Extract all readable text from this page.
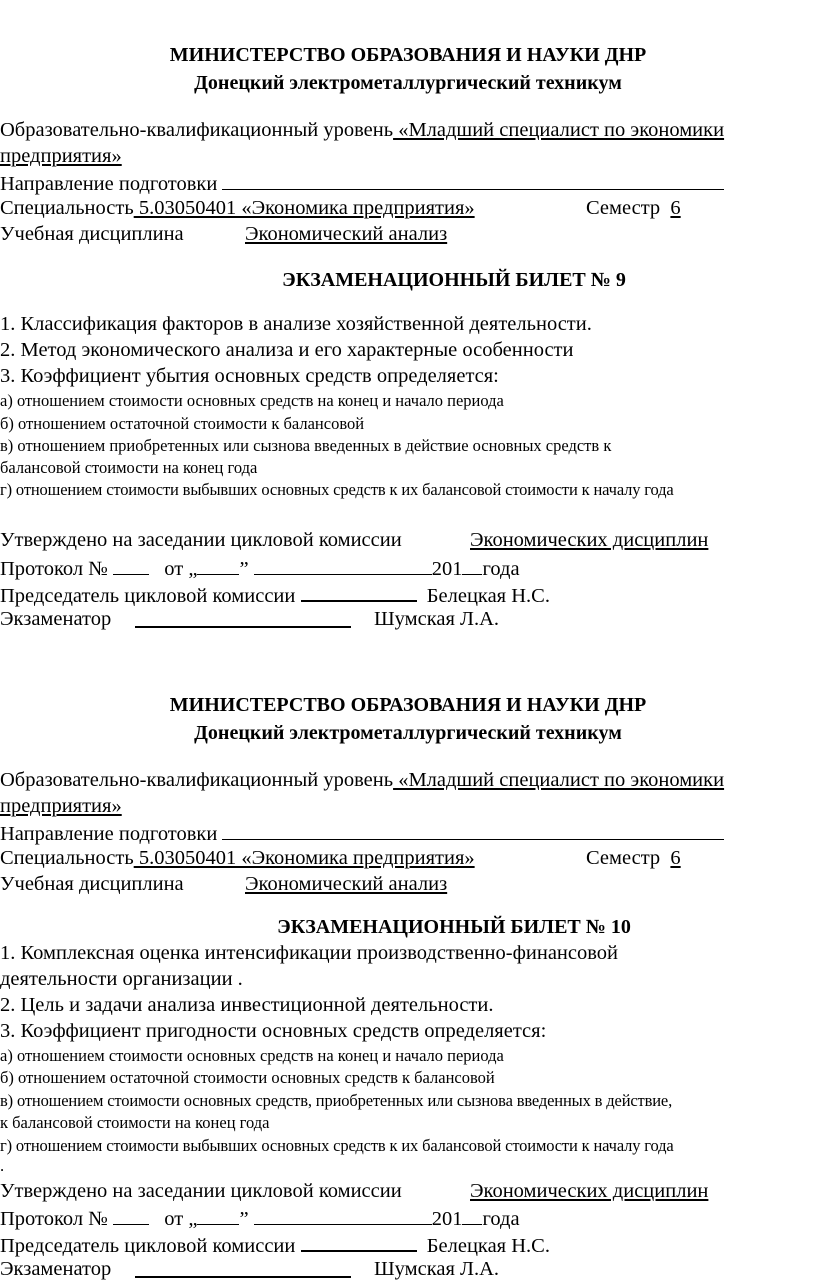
МИНИСТЕРСТВО ОБРАЗОВАНИЯ И НАУКИ ДНР
Донецкий электрометаллургический техникум
Образовательно-квалификационный уровень «Младший специалист по экономики
предприятия»
Направление подготовки
Специальность 5.03050401 «Экономика предприятия»	Семестр 6
Учебная дисциплина	Экономический анализ
ЭКЗАМЕНАЦИОННЫЙ БИЛЕТ № 9
1. Классификация факторов в анализе хозяйственной деятельности.
2. Метод экономического анализа и его характерные особенности
3. Коэффициент убытия основных средств определяется:
а) отношением стоимости основных средств на конец и начало периода
б) отношением остаточной стоимости к балансовой
в) отношением приобретенных или сызнова введенных в действие основных средств к
балансовой стоимости на конец года
г) отношением стоимости выбывших основных средств к их балансовой стоимости к началу года
Утверждено на заседании цикловой комиссии	Экономических дисциплин
Протокол №	от „ ”	201 года
Председатель цикловой комиссии	Белецкая Н.С.
Экзаменатор	Шумская Л.А.
МИНИСТЕРСТВО ОБРАЗОВАНИЯ И НАУКИ ДНР
Донецкий электрометаллургический техникум
Образовательно-квалификационный уровень «Младший специалист по экономики
предприятия»
Направление подготовки
Специальность 5.03050401 «Экономика предприятия»	Семестр 6
Учебная дисциплина	Экономический анализ
ЭКЗАМЕНАЦИОННЫЙ БИЛЕТ № 10
1. Комплексная оценка интенсификации производственно-финансовой
деятельности организации .
2. Цель и задачи анализа инвестиционной деятельности.
3. Коэффициент пригодности основных средств определяется:
а) отношением стоимости основных средств на конец и начало периода
б) отношением остаточной стоимости основных средств к балансовой
в) отношением стоимости основных средств, приобретенных или сызнова введенных в действие,
к балансовой стоимости на конец года
г) отношением стоимости выбывших основных средств к их балансовой стоимости к началу года
.
Утверждено на заседании цикловой комиссии	Экономических дисциплин
Протокол №	от „ ”	201 года
Председатель цикловой комиссии	Белецкая Н.С.
Экзаменатор	Шумская Л.А.
